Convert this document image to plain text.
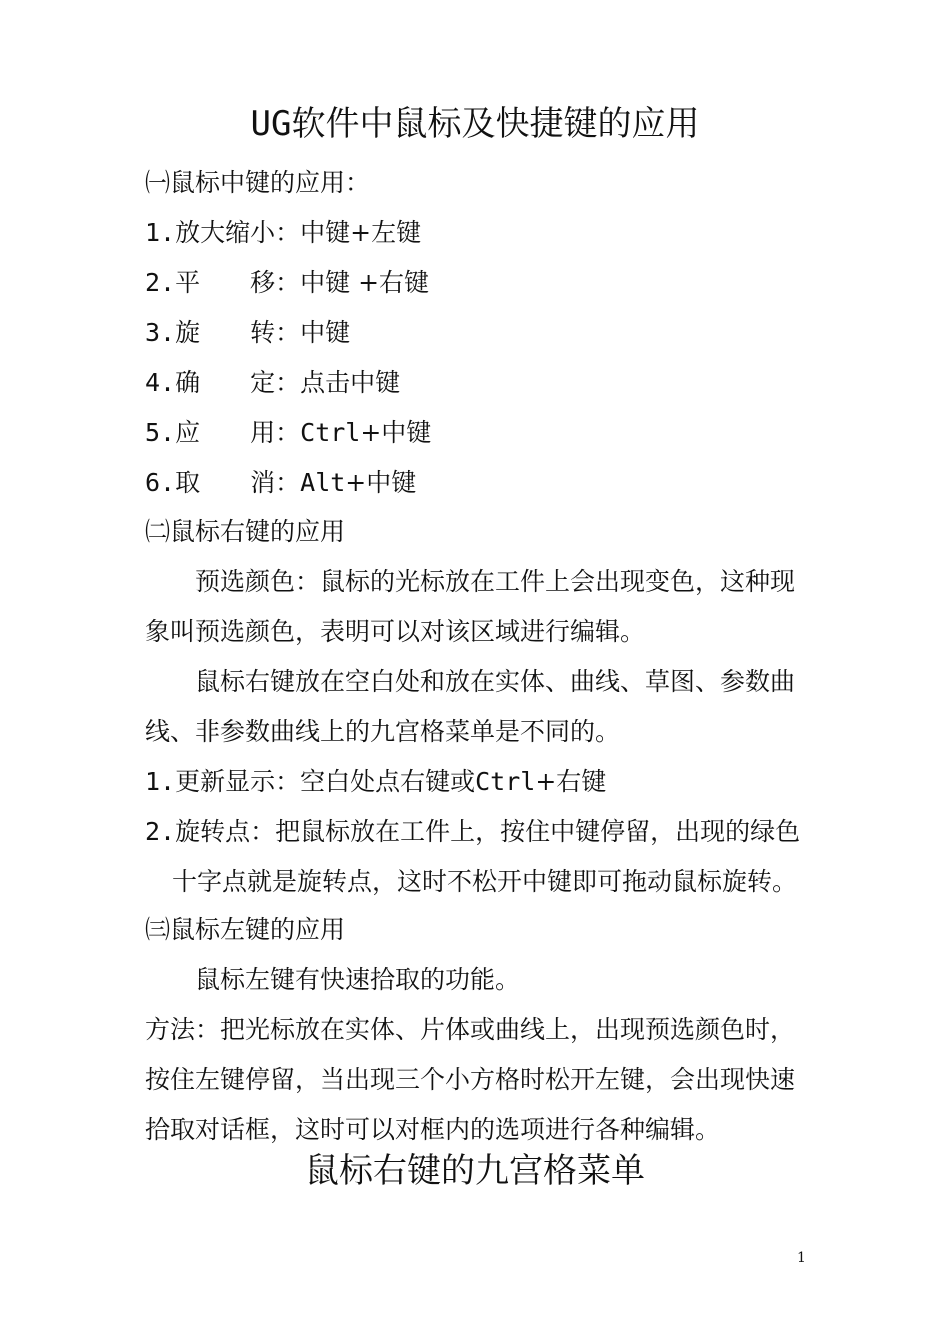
UG软件中鼠标及快捷键的应用
㈠鼠标中键的应用：
1.放大缩小：中键+左键
2.平 移：中键 +右键
3.旋 转：中键
4.确 定：点击中键
5.应 用：Ctrl+中键
6.取 消：Alt+中键
㈡鼠标右键的应用
预选颜色：鼠标的光标放在工件上会出现变色，这种现
象叫预选颜色，表明可以对该区域进行编辑。
鼠标右键放在空白处和放在实体、曲线、草图、参数曲
线、非参数曲线上的九宫格菜单是不同的。
1.更新显示：空白处点右键或Ctrl+右键
2.旋转点：把鼠标放在工件上，按住中键停留，出现的绿色
十字点就是旋转点，这时不松开中键即可拖动鼠标旋转。
㈢鼠标左键的应用
鼠标左键有快速拾取的功能。
方法：把光标放在实体、片体或曲线上，出现预选颜色时，
按住左键停留，当出现三个小方格时松开左键，会出现快速
拾取对话框，这时可以对框内的选项进行各种编辑。
鼠标右键的九宫格菜单
1
